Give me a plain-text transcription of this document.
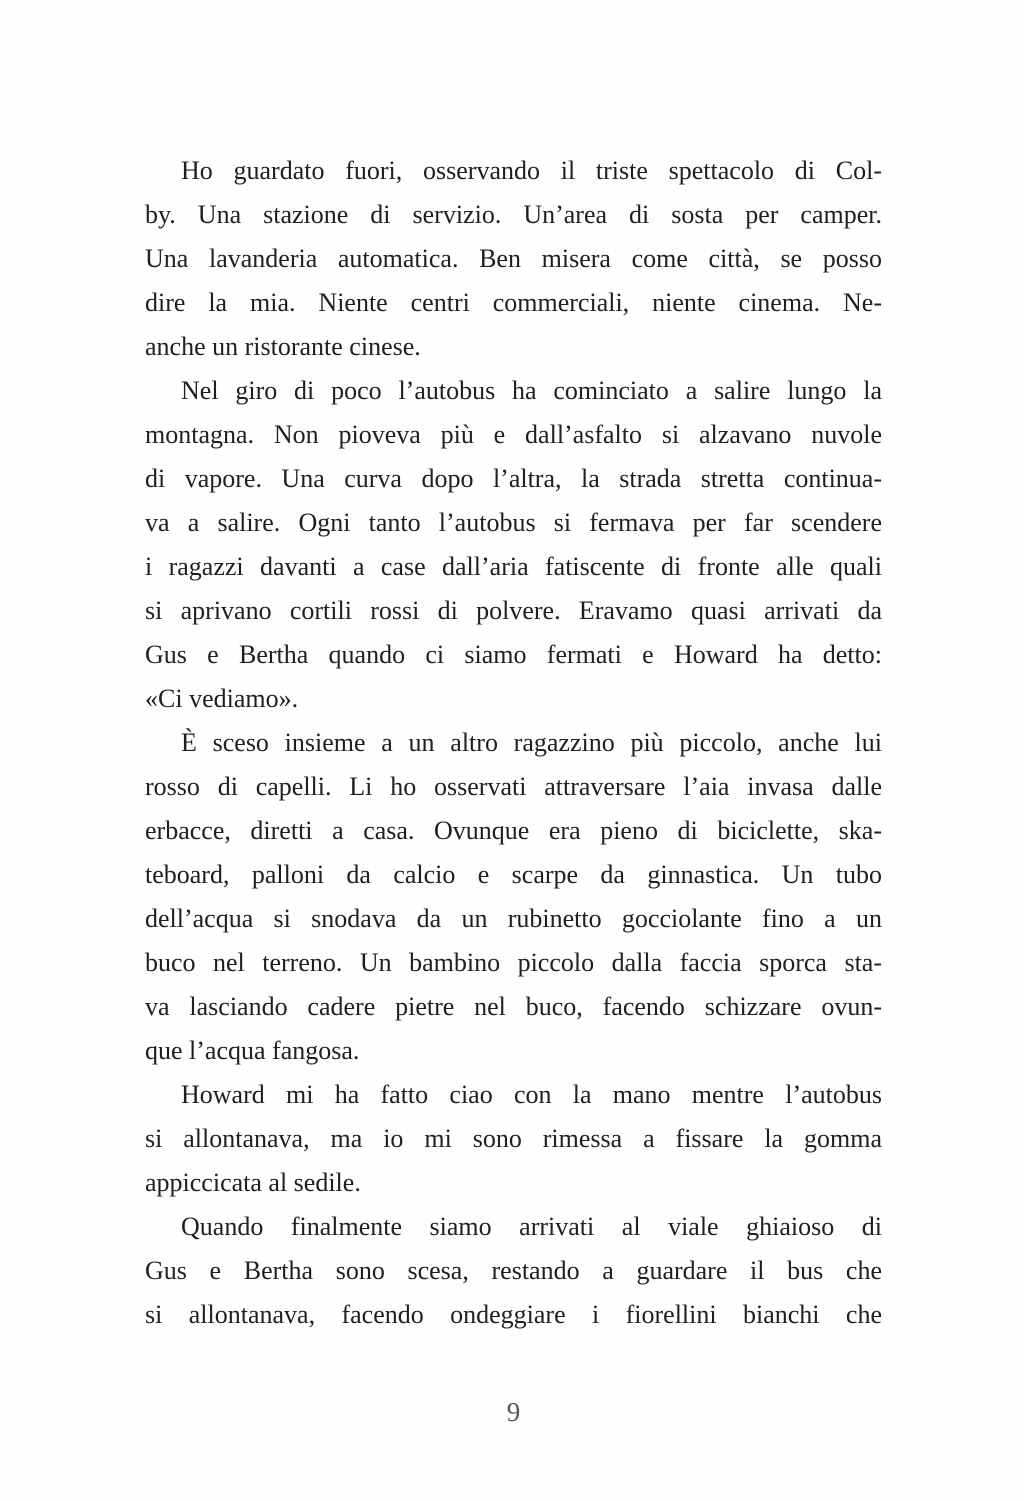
Ho guardato fuori, osservando il triste spettacolo di Col-
by. Una stazione di servizio. Un’area di sosta per camper.
Una lavanderia automatica. Ben misera come città, se posso
dire la mia. Niente centri commerciali, niente cinema. Ne-
anche un ristorante cinese.
Nel giro di poco l’autobus ha cominciato a salire lungo la
montagna. Non pioveva più e dall’asfalto si alzavano nuvole
di vapore. Una curva dopo l’altra, la strada stretta continua-
va a salire. Ogni tanto l’autobus si fermava per far scendere
i ragazzi davanti a case dall’aria fatiscente di fronte alle quali
si aprivano cortili rossi di polvere. Eravamo quasi arrivati da
Gus e Bertha quando ci siamo fermati e Howard ha detto:
«Ci vediamo».
È sceso insieme a un altro ragazzino più piccolo, anche lui
rosso di capelli. Li ho osservati attraversare l’aia invasa dalle
erbacce, diretti a casa. Ovunque era pieno di biciclette, ska-
teboard, palloni da calcio e scarpe da ginnastica. Un tubo
dell’acqua si snodava da un rubinetto gocciolante fino a un
buco nel terreno. Un bambino piccolo dalla faccia sporca sta-
va lasciando cadere pietre nel buco, facendo schizzare ovun-
que l’acqua fangosa.
Howard mi ha fatto ciao con la mano mentre l’autobus
si allontanava, ma io mi sono rimessa a fissare la gomma
appiccicata al sedile.
Quando finalmente siamo arrivati al viale ghiaioso di
Gus e Bertha sono scesa, restando a guardare il bus che
si allontanava, facendo ondeggiare i fiorellini bianchi che
9
